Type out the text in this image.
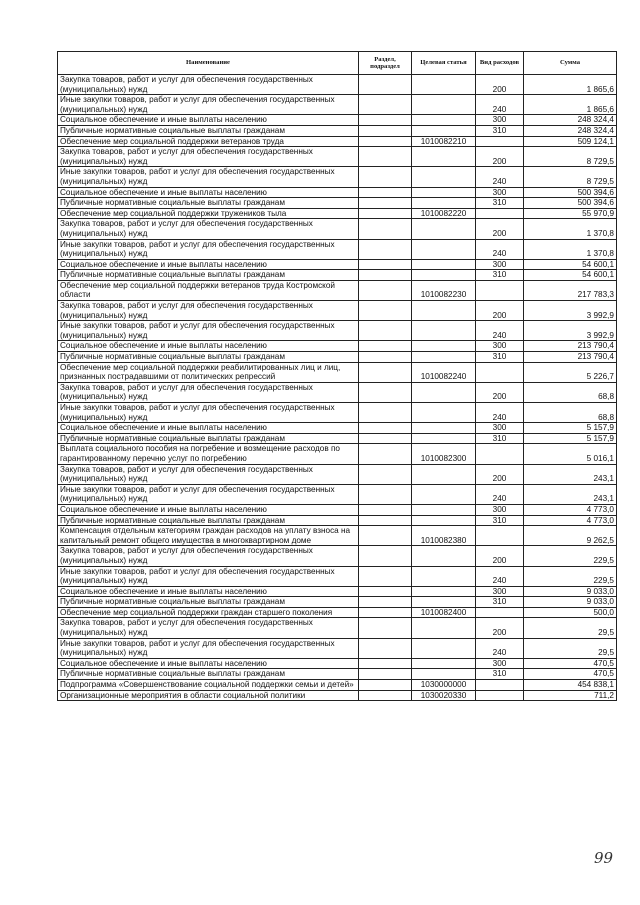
Наименование	Раздел, подраздел	Целевая статья	Вид расходов	Сумма
Закупка товаров, работ и услуг для обеспечения государственных (муниципальных) нужд			200	1 865,6
Иные закупки товаров, работ и услуг для обеспечения государственных (муниципальных) нужд			240	1 865,6
Социальное обеспечение и иные выплаты населению			300	248 324,4
Публичные нормативные социальные выплаты гражданам			310	248 324,4
Обеспечение мер социальной поддержки ветеранов труда		1010082210		509 124,1
Закупка товаров, работ и услуг для обеспечения государственных (муниципальных) нужд			200	8 729,5
Иные закупки товаров, работ и услуг для обеспечения государственных (муниципальных) нужд			240	8 729,5
Социальное обеспечение и иные выплаты населению			300	500 394,6
Публичные нормативные социальные выплаты гражданам			310	500 394,6
Обеспечение мер социальной поддержки тружеников тыла		1010082220		55 970,9
Закупка товаров, работ и услуг для обеспечения государственных (муниципальных) нужд			200	1 370,8
Иные закупки товаров, работ и услуг для обеспечения государственных (муниципальных) нужд			240	1 370,8
Социальное обеспечение и иные выплаты населению			300	54 600,1
Публичные нормативные социальные выплаты гражданам			310	54 600,1
Обеспечение мер социальной поддержки ветеранов труда Костромской области		1010082230		217 783,3
Закупка товаров, работ и услуг для обеспечения государственных (муниципальных) нужд			200	3 992,9
Иные закупки товаров, работ и услуг для обеспечения государственных (муниципальных) нужд			240	3 992,9
Социальное обеспечение и иные выплаты населению			300	213 790,4
Публичные нормативные социальные выплаты гражданам			310	213 790,4
Обеспечение мер социальной поддержки реабилитированных лиц и лиц, признанных пострадавшими от политических репрессий		1010082240		5 226,7
Закупка товаров, работ и услуг для обеспечения государственных (муниципальных) нужд			200	68,8
Иные закупки товаров, работ и услуг для обеспечения государственных (муниципальных) нужд			240	68,8
Социальное обеспечение и иные выплаты населению			300	5 157,9
Публичные нормативные социальные выплаты гражданам			310	5 157,9
Выплата социального пособия на погребение и возмещение расходов по гарантированному перечню услуг по погребению		1010082300		5 016,1
Закупка товаров, работ и услуг для обеспечения государственных (муниципальных) нужд			200	243,1
Иные закупки товаров, работ и услуг для обеспечения государственных (муниципальных) нужд			240	243,1
Социальное обеспечение и иные выплаты населению			300	4 773,0
Публичные нормативные социальные выплаты гражданам			310	4 773,0
Компенсация отдельным категориям граждан расходов на уплату взноса на капитальный ремонт общего имущества в многоквартирном доме		1010082380		9 262,5
Закупка товаров, работ и услуг для обеспечения государственных (муниципальных) нужд			200	229,5
Иные закупки товаров, работ и услуг для обеспечения государственных (муниципальных) нужд			240	229,5
Социальное обеспечение и иные выплаты населению			300	9 033,0
Публичные нормативные социальные выплаты гражданам			310	9 033,0
Обеспечение мер социальной поддержки граждан старшего поколения		1010082400		500,0
Закупка товаров, работ и услуг для обеспечения государственных (муниципальных) нужд			200	29,5
Иные закупки товаров, работ и услуг для обеспечения государственных (муниципальных) нужд			240	29,5
Социальное обеспечение и иные выплаты населению			300	470,5
Публичные нормативные социальные выплаты гражданам			310	470,5
Подпрограмма «Совершенствование социальной поддержки семьи и детей»		1030000000		454 838,1
Организационные мероприятия в области социальной политики		1030020330		711,2
99
